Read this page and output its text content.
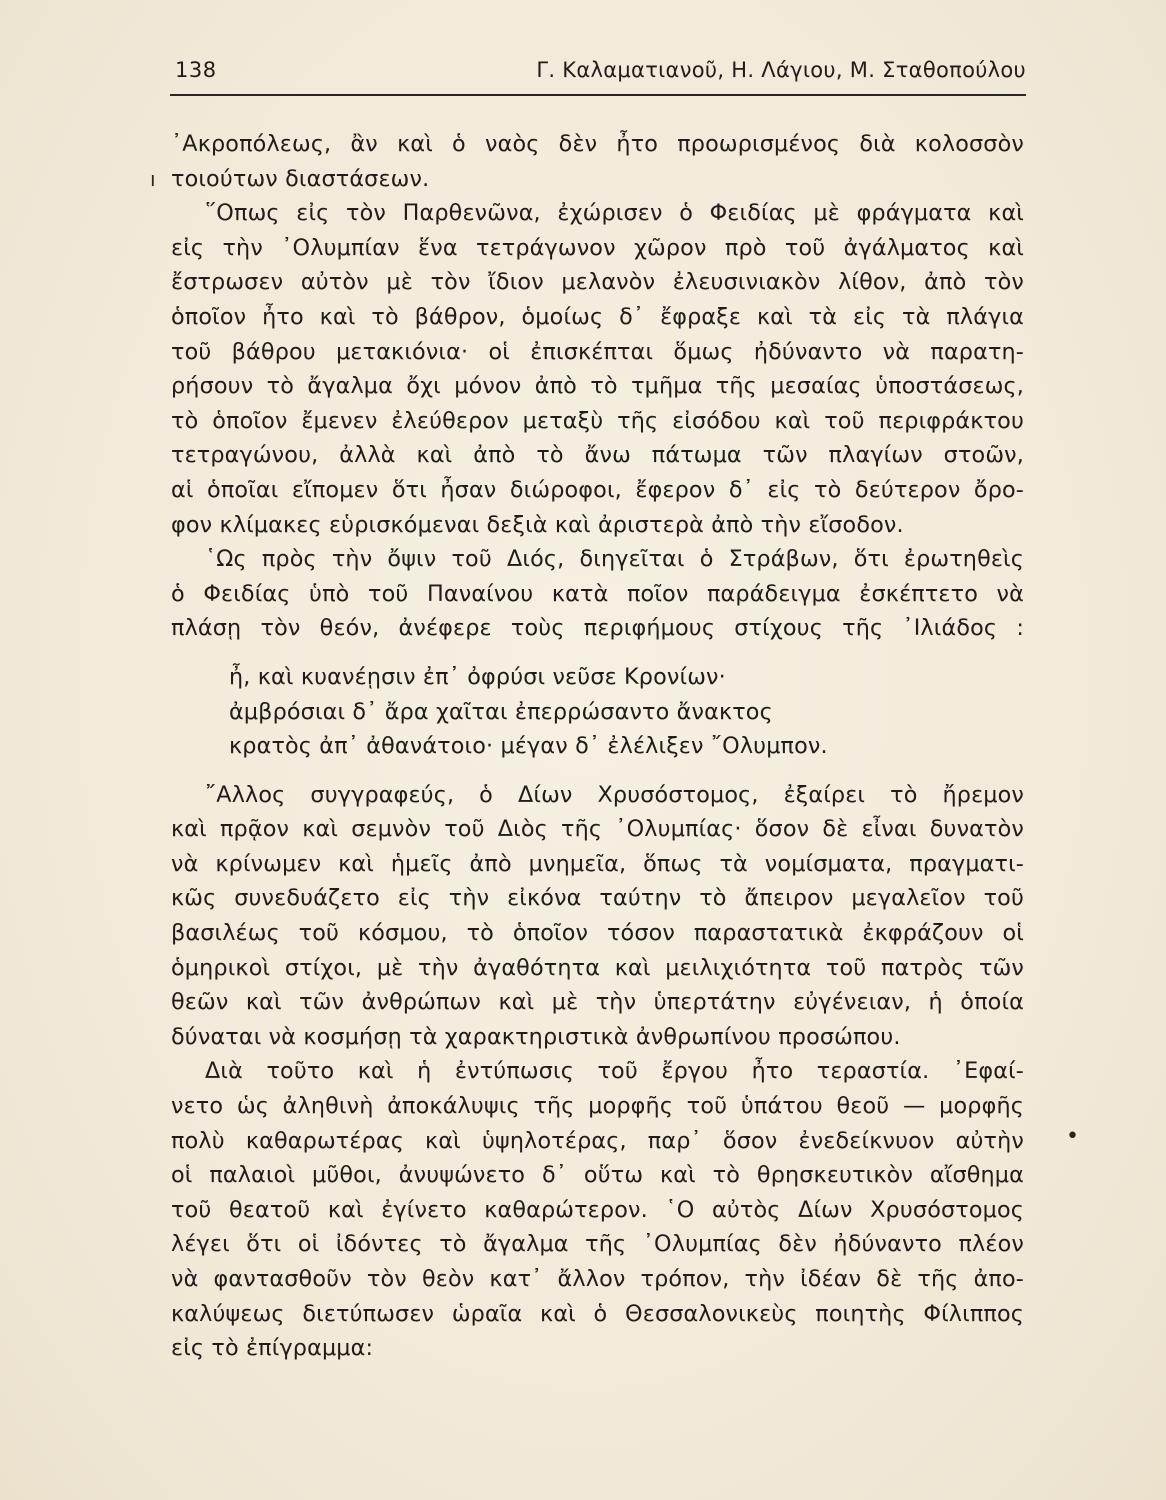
138	Γ. Καλαματιανοῦ, Η. Λάγιου, Μ. Σταθοπούλου
ı
•
᾿Ακροπόλεως, ἂν καὶ ὁ ναὸς δὲν ἦτο προωρισμένος διὰ κολοσσὸν
τοιούτων διαστάσεων.
῞Οπως εἰς τὸν Παρθενῶνα, ἐχώρισεν ὁ Φειδίας μὲ φράγματα καὶ
εἰς τὴν ᾿Ολυμπίαν ἕνα τετράγωνον χῶρον πρὸ τοῦ ἀγάλματος καὶ
ἔστρωσεν αὐτὸν μὲ τὸν ἴδιον μελανὸν ἐλευσινιακὸν λίθον, ἀπὸ τὸν
ὁποῖον ἦτο καὶ τὸ βάθρον, ὁμοίως δ᾿ ἔφραξε καὶ τὰ εἰς τὰ πλάγια
τοῦ βάθρου μετακιόνια· οἱ ἐπισκέπται ὅμως ἠδύναντο νὰ παρατη-
ρήσουν τὸ ἄγαλμα ὄχι μόνον ἀπὸ τὸ τμῆμα τῆς μεσαίας ὑποστάσεως,
τὸ ὁποῖον ἔμενεν ἐλεύθερον μεταξὺ τῆς εἰσόδου καὶ τοῦ περιφράκτου
τετραγώνου, ἀλλὰ καὶ ἀπὸ τὸ ἄνω πάτωμα τῶν πλαγίων στοῶν,
αἱ ὁποῖαι εἴπομεν ὅτι ἦσαν διώροφοι, ἔφερον δ᾿ εἰς τὸ δεύτερον ὄρο-
φον κλίμακες εὑρισκόμεναι δεξιὰ καὶ ἀριστερὰ ἀπὸ τὴν εἴσοδον.
῾Ως πρὸς τὴν ὄψιν τοῦ Διός, διηγεῖται ὁ Στράβων, ὅτι ἐρωτηθεὶς
ὁ Φειδίας ὑπὸ τοῦ Παναίνου κατὰ ποῖον παράδειγμα ἐσκέπτετο νὰ
πλάσῃ τὸν θεόν, ἀνέφερε τοὺς περιφήμους στίχους τῆς ᾿Ιλιάδος :
ἦ, καὶ κυανέῃσιν ἐπ᾿ ὀφρύσι νεῦσε Κρονίων·
ἀμβρόσιαι δ᾿ ἄρα χαῖται ἐπερρώσαντο ἄνακτος
κρατὸς ἀπ᾿ ἀθανάτοιο· μέγαν δ᾿ ἐλέλιξεν ῎Ολυμπον.
῎Αλλος συγγραφεύς, ὁ Δίων Χρυσόστομος, ἐξαίρει τὸ ἤρεμον
καὶ πρᾷον καὶ σεμνὸν τοῦ Διὸς τῆς ᾿Ολυμπίας· ὅσον δὲ εἶναι δυνατὸν
νὰ κρίνωμεν καὶ ἡμεῖς ἀπὸ μνημεῖα, ὅπως τὰ νομίσματα, πραγματι-
κῶς συνεδυάζετο εἰς τὴν εἰκόνα ταύτην τὸ ἄπειρον μεγαλεῖον τοῦ
βασιλέως τοῦ κόσμου, τὸ ὁποῖον τόσον παραστατικὰ ἐκφράζουν οἱ
ὁμηρικοὶ στίχοι, μὲ τὴν ἀγαθότητα καὶ μειλιχιότητα τοῦ πατρὸς τῶν
θεῶν καὶ τῶν ἀνθρώπων καὶ μὲ τὴν ὑπερτάτην εὐγένειαν, ἡ ὁποία
δύναται νὰ κοσμήσῃ τὰ χαρακτηριστικὰ ἀνθρωπίνου προσώπου.
Διὰ τοῦτο καὶ ἡ ἐντύπωσις τοῦ ἔργου ἦτο τεραστία. ᾿Εφαί-
νετο ὡς ἀληθινὴ ἀποκάλυψις τῆς μορφῆς τοῦ ὑπάτου θεοῦ — μορφῆς
πολὺ καθαρωτέρας καὶ ὑψηλοτέρας, παρ᾿ ὅσον ἐνεδείκνυον αὐτὴν
οἱ παλαιοὶ μῦθοι, ἀνυψώνετο δ᾿ οὕτω καὶ τὸ θρησκευτικὸν αἴσθημα
τοῦ θεατοῦ καὶ ἐγίνετο καθαρώτερον. ῾Ο αὐτὸς Δίων Χρυσόστομος
λέγει ὅτι οἱ ἰδόντες τὸ ἄγαλμα τῆς ᾿Ολυμπίας δὲν ἠδύναντο πλέον
νὰ φαντασθοῦν τὸν θεὸν κατ᾿ ἄλλον τρόπον, τὴν ἰδέαν δὲ τῆς ἀπο-
καλύψεως διετύπωσεν ὡραῖα καὶ ὁ Θεσσαλονικεὺς ποιητὴς Φίλιππος
εἰς τὸ ἐπίγραμμα:
